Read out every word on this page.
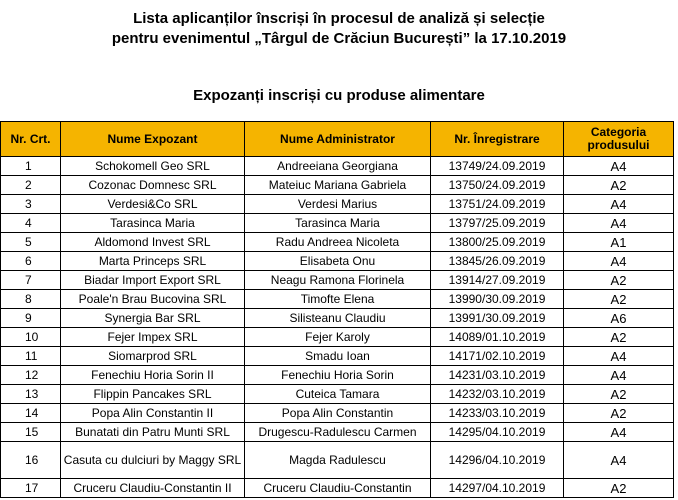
Lista aplicanților înscriși în procesul de analiză și selecție
pentru evenimentul „Târgul de Crăciun București” la 17.10.2019
Expozanți inscriși cu produse alimentare
Nr. Crt.	Nume Expozant	Nume Administrator	Nr. Înregistrare	Categoria produsului
1	Schokomell Geo SRL	Andreeiana Georgiana	13749/24.09.2019	A4
2	Cozonac Domnesc SRL	Mateiuc Mariana Gabriela	13750/24.09.2019	A2
3	Verdesi&Co SRL	Verdesi Marius	13751/24.09.2019	A4
4	Tarasinca Maria	Tarasinca Maria	13797/25.09.2019	A4
5	Aldomond Invest SRL	Radu Andreea Nicoleta	13800/25.09.2019	A1
6	Marta Princeps SRL	Elisabeta Onu	13845/26.09.2019	A4
7	Biadar Import Export SRL	Neagu Ramona Florinela	13914/27.09.2019	A2
8	Poale'n Brau Bucovina SRL	Timofte Elena	13990/30.09.2019	A2
9	Synergia Bar SRL	Silisteanu Claudiu	13991/30.09.2019	A6
10	Fejer Impex SRL	Fejer Karoly	14089/01.10.2019	A2
11	Siomarprod SRL	Smadu Ioan	14171/02.10.2019	A4
12	Fenechiu Horia Sorin II	Fenechiu Horia Sorin	14231/03.10.2019	A4
13	Flippin Pancakes SRL	Cuteica Tamara	14232/03.10.2019	A2
14	Popa Alin Constantin II	Popa Alin Constantin	14233/03.10.2019	A2
15	Bunatati din Patru Munti SRL	Drugescu-Radulescu Carmen	14295/04.10.2019	A4
16	Casuta cu dulciuri by Maggy SRL	Magda Radulescu	14296/04.10.2019	A4
17	Cruceru Claudiu-Constantin II	Cruceru Claudiu-Constantin	14297/04.10.2019	A2
